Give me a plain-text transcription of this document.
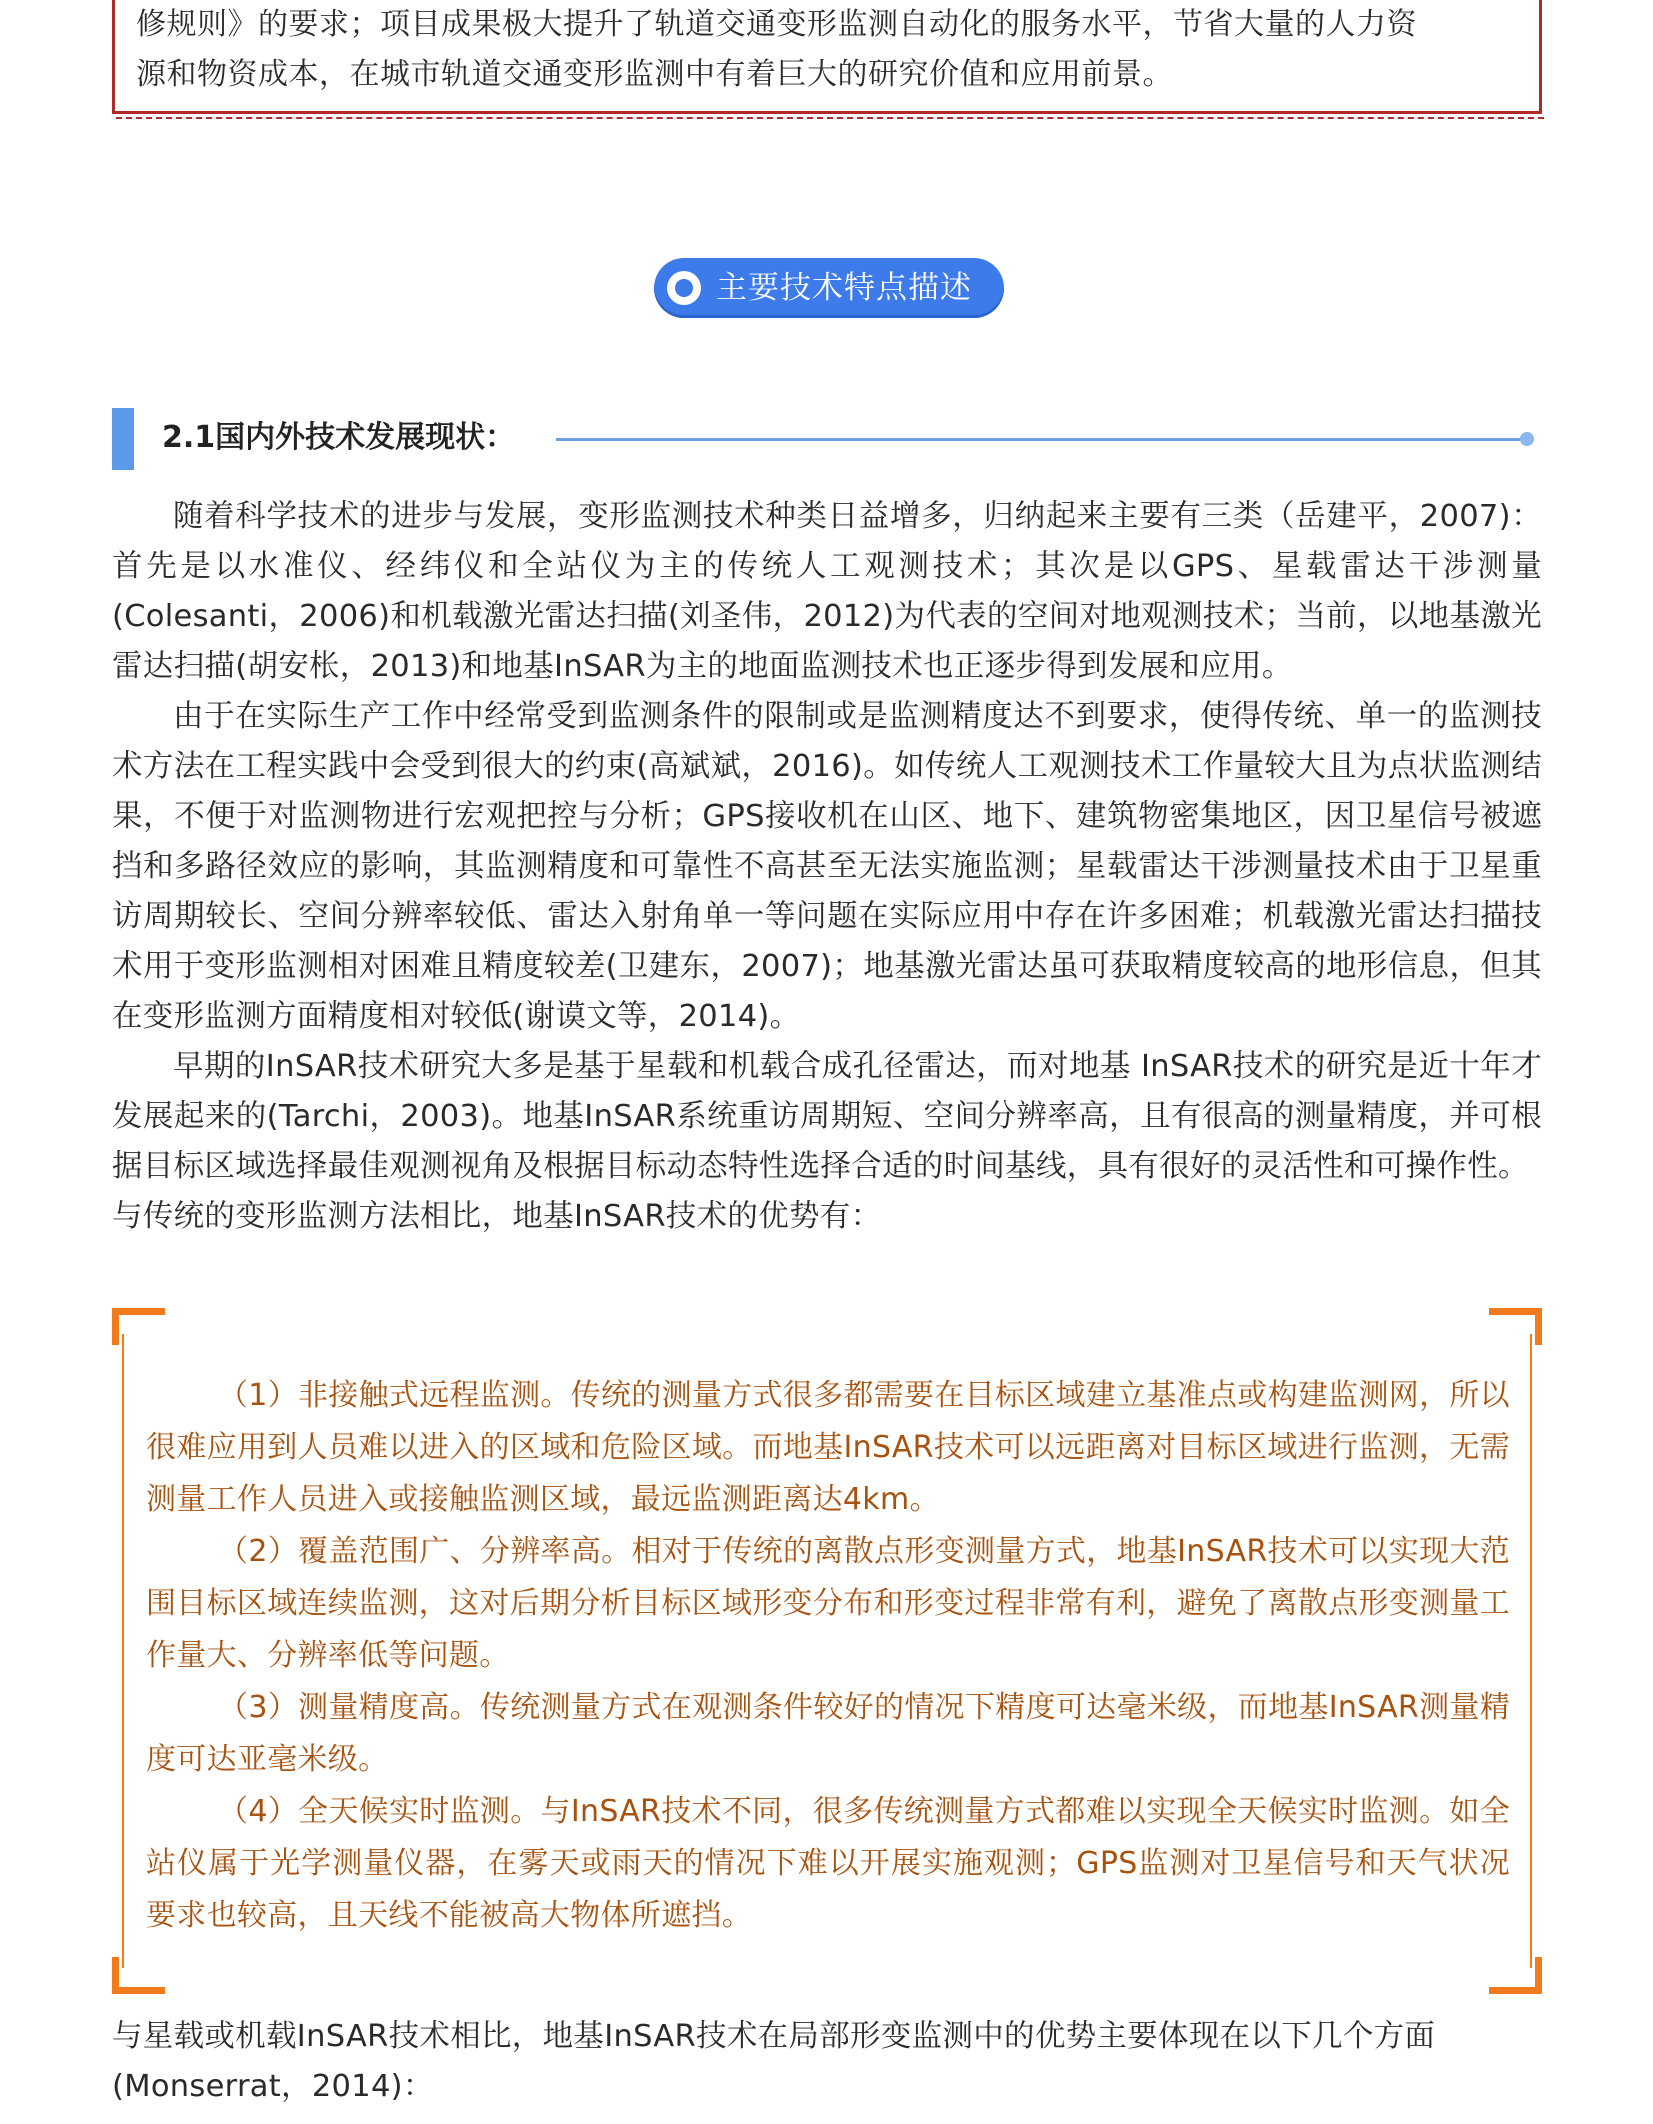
修规则》的要求；项目成果极大提升了轨道交通变形监测自动化的服务水平，节省大量的人力资

源和物资成本，在城市轨道交通变形监测中有着巨大的研究价值和应用前景。

主要技术特点描述
2.1国内外技术发展现状：

随着科学技术的进步与发展，变形监测技术种类日益增多，归纳起来主要有三类（岳建平，2007)：首先是以水准仪、经纬仪和全站仪为主的传统人工观测技术；其次是以GPS、星载雷达干涉测量(Colesanti，2006)和机载激光雷达扫描(刘圣伟，2012)为代表的空间对地观测技术；当前，以地基激光雷达扫描(胡安枨，2013)和地基InSAR为主的地面监测技术也正逐步得到发展和应用。

由于在实际生产工作中经常受到监测条件的限制或是监测精度达不到要求，使得传统、单一的监测技术方法在工程实践中会受到很大的约束(高斌斌，2016)。如传统人工观测技术工作量较大且为点状监测结果，不便于对监测物进行宏观把控与分析；GPS接收机在山区、地下、建筑物密集地区，因卫星信号被遮挡和多路径效应的影响，其监测精度和可靠性不高甚至无法实施监测；星载雷达干涉测量技术由于卫星重访周期较长、空间分辨率较低、雷达入射角单一等问题在实际应用中存在许多困难；机载激光雷达扫描技术用于变形监测相对困难且精度较差(卫建东，2007)；地基激光雷达虽可获取精度较高的地形信息，但其在变形监测方面精度相对较低(谢谟文等，2014)。

早期的InSAR技术研究大多是基于星载和机载合成孔径雷达，而对地基 InSAR技术的研究是近十年才发展起来的(Tarchi，2003)。地基InSAR系统重访周期短、空间分辨率高，且有很高的测量精度，并可根据目标区域选择最佳观测视角及根据目标动态特性选择合适的时间基线，具有很好的灵活性和可操作性。

与传统的变形监测方法相比，地基InSAR技术的优势有：

（1）非接触式远程监测。传统的测量方式很多都需要在目标区域建立基准点或构建监测网，所以很难应用到人员难以进入的区域和危险区域。而地基InSAR技术可以远距离对目标区域进行监测，无需测量工作人员进入或接触监测区域，最远监测距离达4km。

（2）覆盖范围广、分辨率高。相对于传统的离散点形变测量方式，地基InSAR技术可以实现大范围目标区域连续监测，这对后期分析目标区域形变分布和形变过程非常有利，避免了离散点形变测量工作量大、分辨率低等问题。

（3）测量精度高。传统测量方式在观测条件较好的情况下精度可达毫米级，而地基InSAR测量精度可达亚毫米级。

（4）全天候实时监测。与InSAR技术不同，很多传统测量方式都难以实现全天候实时监测。如全站仪属于光学测量仪器，在雾天或雨天的情况下难以开展实施观测；GPS监测对卫星信号和天气状况要求也较高，且天线不能被高大物体所遮挡。

与星载或机载InSAR技术相比，地基InSAR技术在局部形变监测中的优势主要体现在以下几个方面(Monserrat，2014)：
